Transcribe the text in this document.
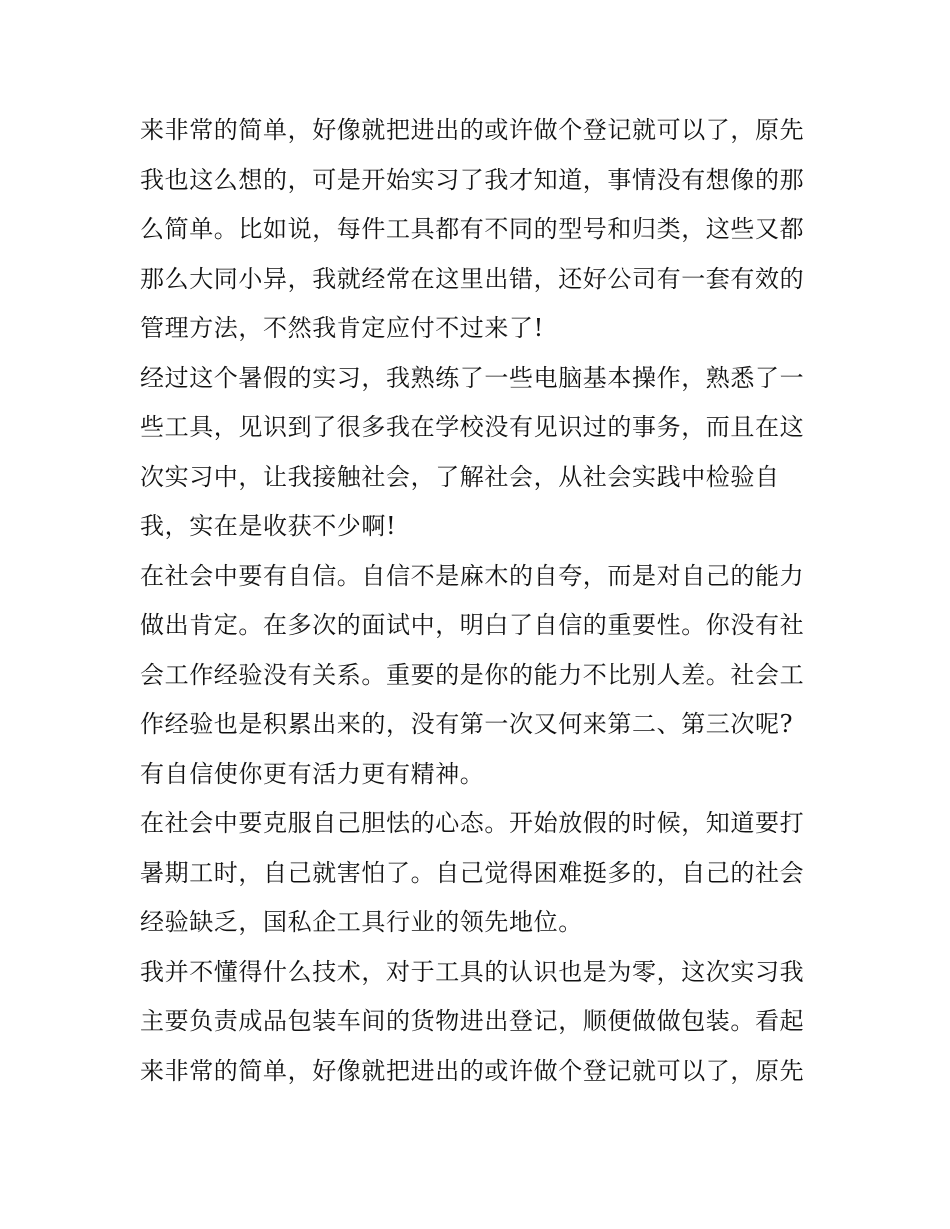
来非常的简单，好像就把进出的或许做个登记就可以了，原先
我也这么想的，可是开始实习了我才知道，事情没有想像的那
么简单。比如说，每件工具都有不同的型号和归类，这些又都
那么大同小异，我就经常在这里出错，还好公司有一套有效的
管理方法，不然我肯定应付不过来了!
经过这个暑假的实习，我熟练了一些电脑基本操作，熟悉了一
些工具，见识到了很多我在学校没有见识过的事务，而且在这
次实习中，让我接触社会，了解社会，从社会实践中检验自
我，实在是收获不少啊!
在社会中要有自信。自信不是麻木的自夸，而是对自己的能力
做出肯定。在多次的面试中，明白了自信的重要性。你没有社
会工作经验没有关系。重要的是你的能力不比别人差。社会工
作经验也是积累出来的，没有第一次又何来第二、第三次呢?
有自信使你更有活力更有精神。
在社会中要克服自己胆怯的心态。开始放假的时候，知道要打
暑期工时，自己就害怕了。自己觉得困难挺多的，自己的社会
经验缺乏，国私企工具行业的领先地位。
我并不懂得什么技术，对于工具的认识也是为零，这次实习我
主要负责成品包装车间的货物进出登记，顺便做做包装。看起
来非常的简单，好像就把进出的或许做个登记就可以了，原先
